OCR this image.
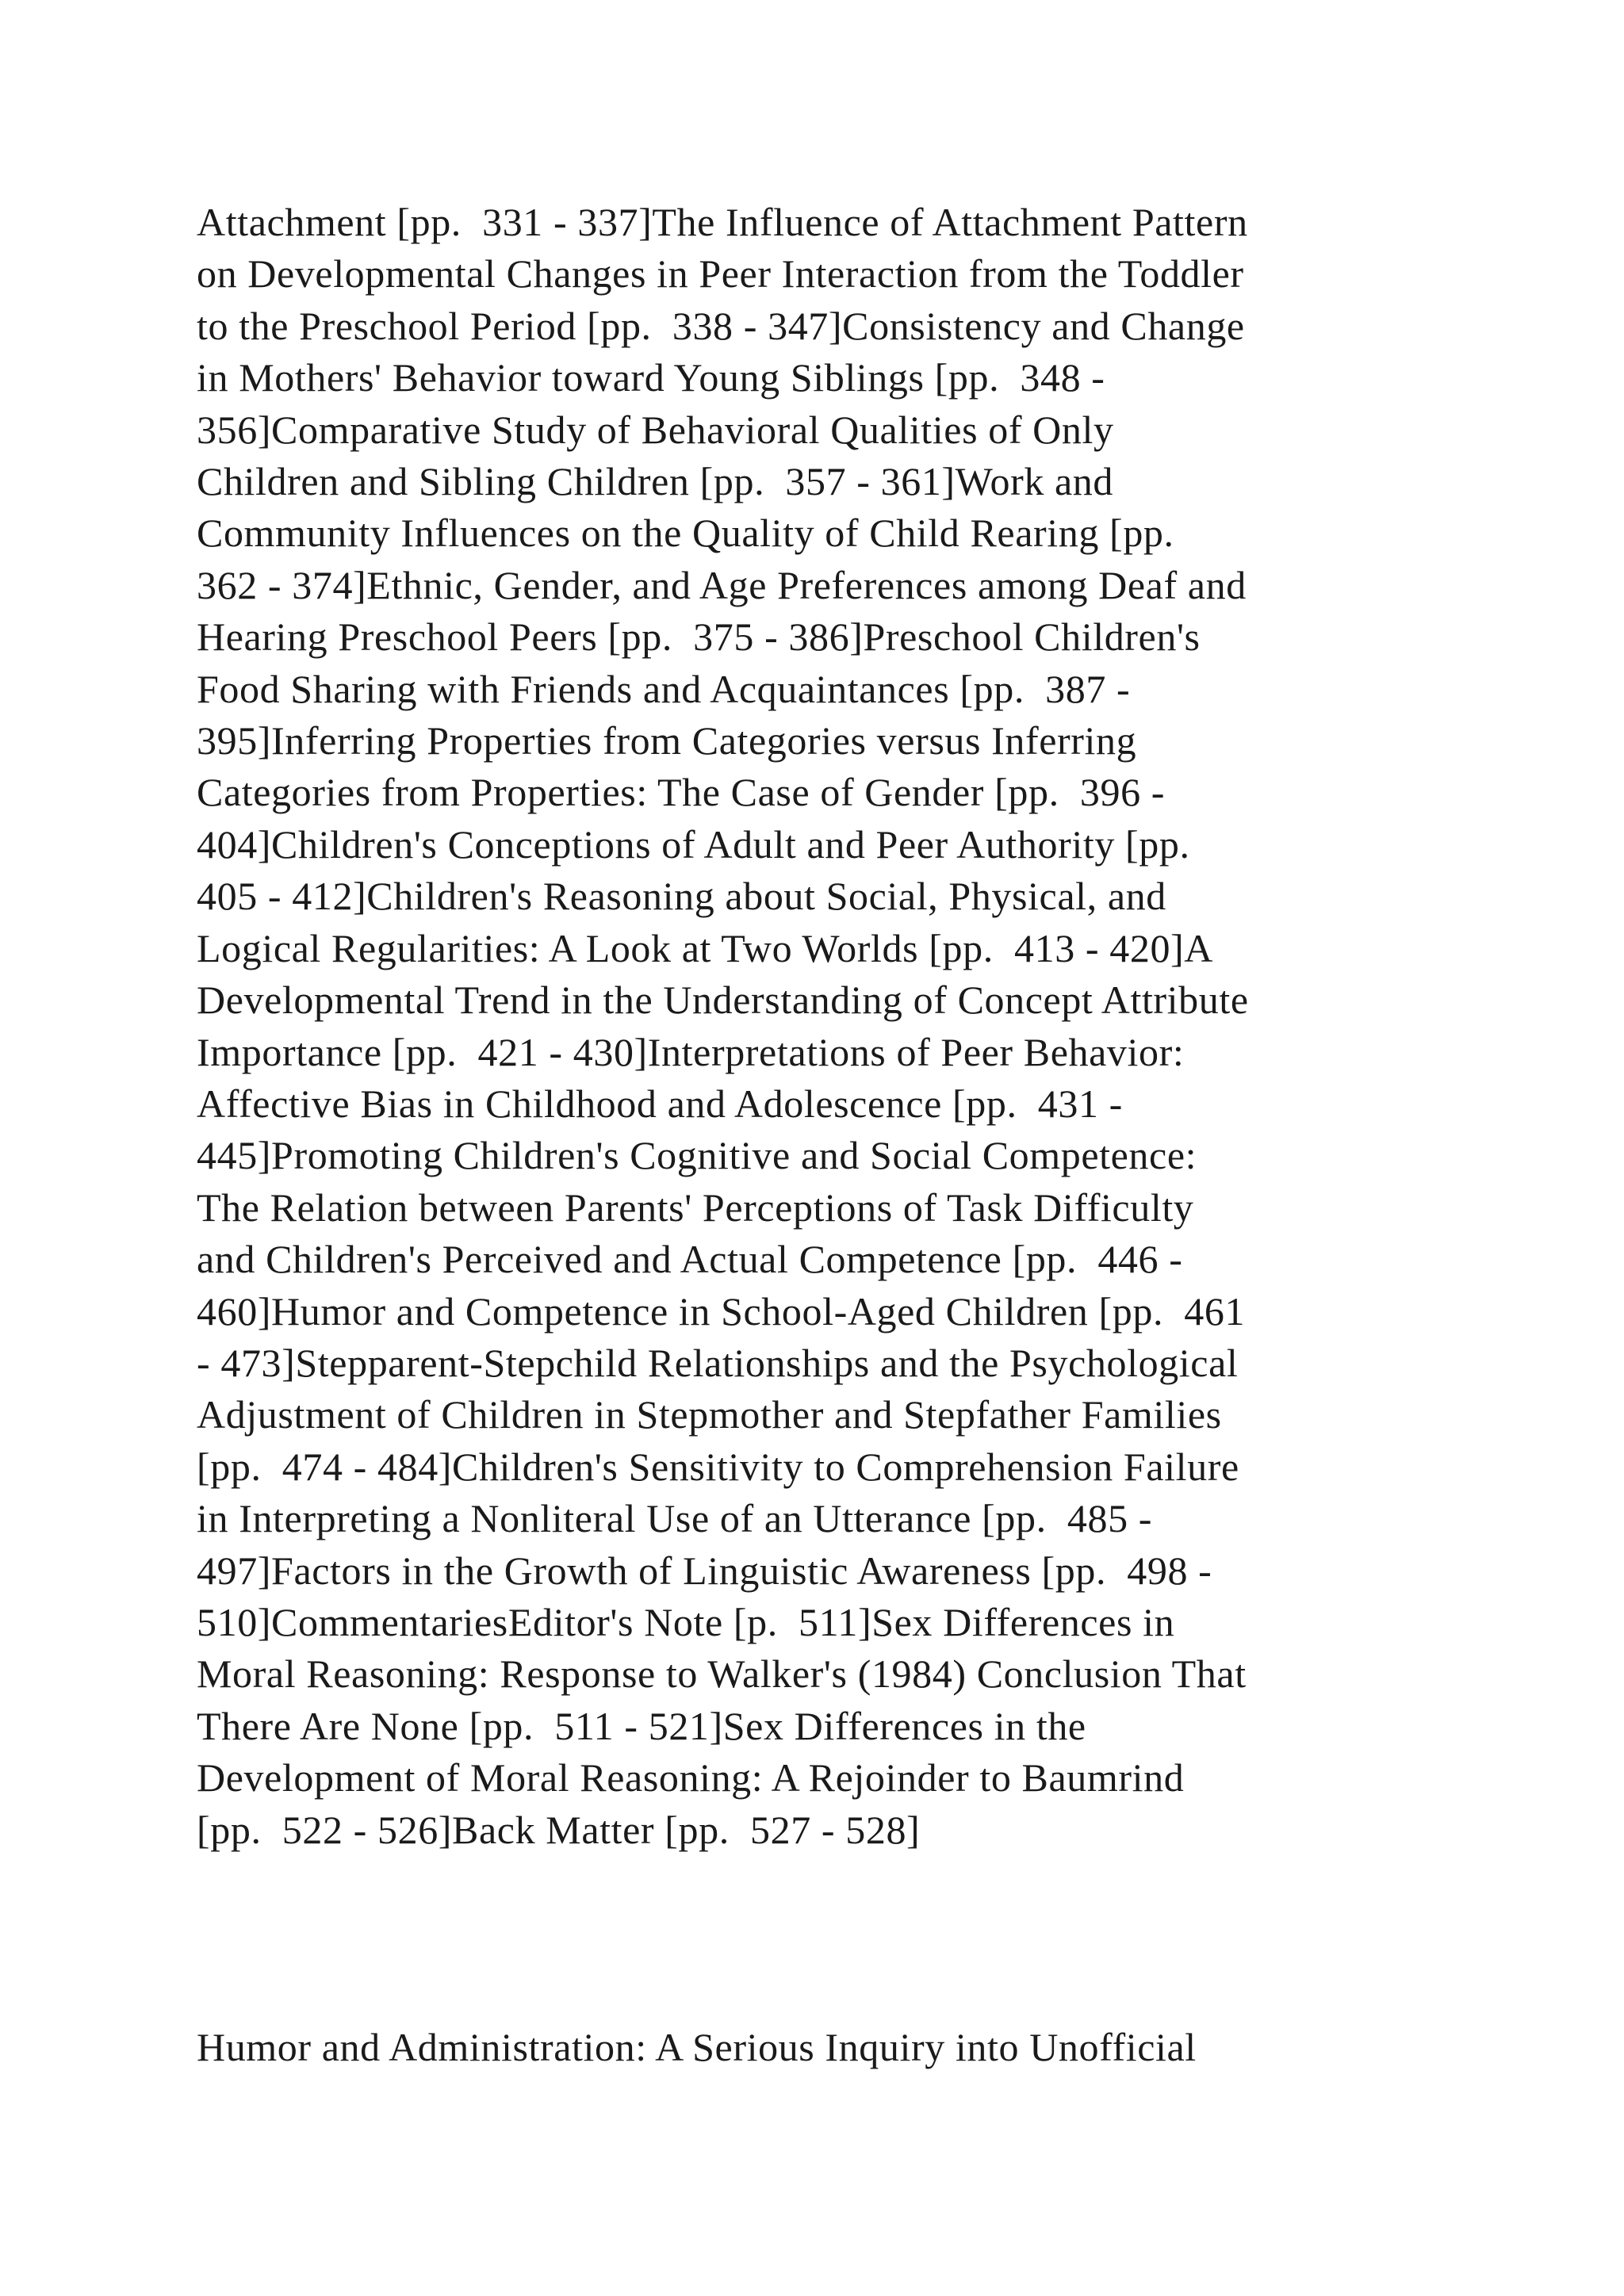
Attachment [pp.  331 - 337]The Influence of Attachment Pattern
on Developmental Changes in Peer Interaction from the Toddler
to the Preschool Period [pp.  338 - 347]Consistency and Change
in Mothers' Behavior toward Young Siblings [pp.  348 -
356]Comparative Study of Behavioral Qualities of Only
Children and Sibling Children [pp.  357 - 361]Work and
Community Influences on the Quality of Child Rearing [pp.
362 - 374]Ethnic, Gender, and Age Preferences among Deaf and
Hearing Preschool Peers [pp.  375 - 386]Preschool Children's
Food Sharing with Friends and Acquaintances [pp.  387 -
395]Inferring Properties from Categories versus Inferring
Categories from Properties: The Case of Gender [pp.  396 -
404]Children's Conceptions of Adult and Peer Authority [pp.
405 - 412]Children's Reasoning about Social, Physical, and
Logical Regularities: A Look at Two Worlds [pp.  413 - 420]A
Developmental Trend in the Understanding of Concept Attribute
Importance [pp.  421 - 430]Interpretations of Peer Behavior:
Affective Bias in Childhood and Adolescence [pp.  431 -
445]Promoting Children's Cognitive and Social Competence:
The Relation between Parents' Perceptions of Task Difficulty
and Children's Perceived and Actual Competence [pp.  446 -
460]Humor and Competence in School-Aged Children [pp.  461
- 473]Stepparent-Stepchild Relationships and the Psychological
Adjustment of Children in Stepmother and Stepfather Families
[pp.  474 - 484]Children's Sensitivity to Comprehension Failure
in Interpreting a Nonliteral Use of an Utterance [pp.  485 -
497]Factors in the Growth of Linguistic Awareness [pp.  498 -
510]CommentariesEditor's Note [p.  511]Sex Differences in
Moral Reasoning: Response to Walker's (1984) Conclusion That
There Are None [pp.  511 - 521]Sex Differences in the
Development of Moral Reasoning: A Rejoinder to Baumrind
[pp.  522 - 526]Back Matter [pp.  527 - 528]
Humor and Administration: A Serious Inquiry into Unofficial
